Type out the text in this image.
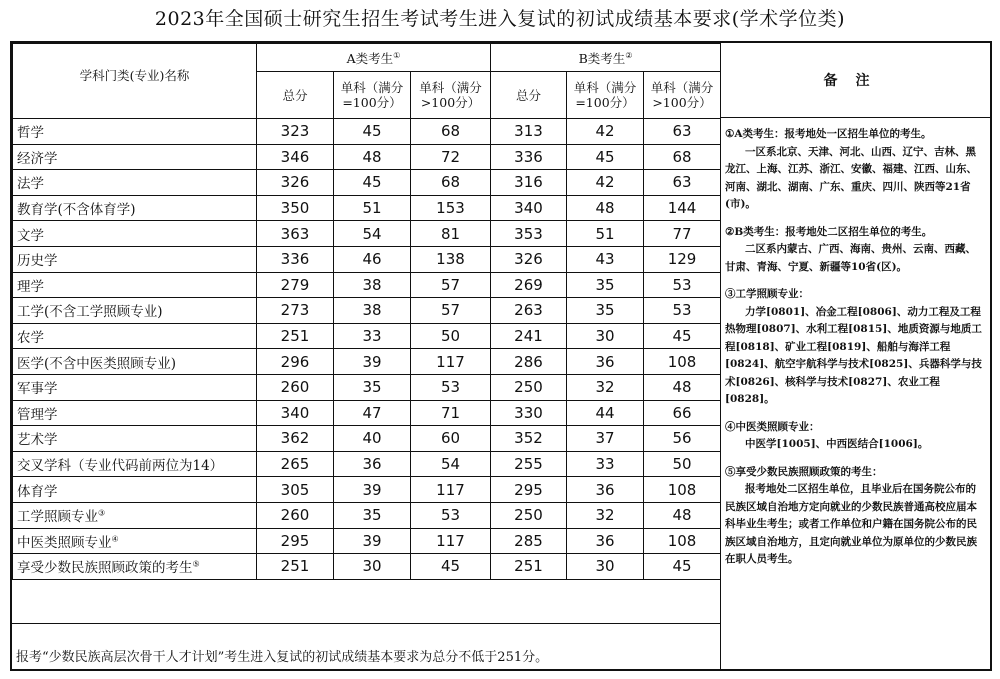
2023年全国硕士研究生招生考试考生进入复试的初试成绩基本要求(学术学位类)
学科门类(专业)名称	A类考生①			B类考生②
	总分	单科（满分=100分）	单科（满分>100分）	总分	单科（满分=100分）	单科（满分>100分）
哲学	323	45	68	313	42	63
经济学	346	48	72	336	45	68
法学	326	45	68	316	42	63
教育学(不含体育学)	350	51	153	340	48	144
文学	363	54	81	353	51	77
历史学	336	46	138	326	43	129
理学	279	38	57	269	35	53
工学(不含工学照顾专业)	273	38	57	263	35	53
农学	251	33	50	241	30	45
医学(不含中医类照顾专业)	296	39	117	286	36	108
军事学	260	35	53	250	32	48
管理学	340	47	71	330	44	66
艺术学	362	40	60	352	37	56
交叉学科（专业代码前两位为14）	265	36	54	255	33	50
体育学	305	39	117	295	36	108
工学照顾专业③	260	35	53	250	32	48
中医类照顾专业④	295	39	117	285	36	108
享受少数民族照顾政策的考生⑤	251	30	45	251	30	45
备注
①A类考生：报考地处一区招生单位的考生。
一区系北京、天津、河北、山西、辽宁、吉林、黑龙江、上海、江苏、浙江、安徽、福建、江西、山东、河南、湖北、湖南、广东、重庆、四川、陕西等21省(市)。
②B类考生：报考地处二区招生单位的考生。
二区系内蒙古、广西、海南、贵州、云南、西藏、甘肃、青海、宁夏、新疆等10省(区)。
③工学照顾专业：
力学[0801]、冶金工程[0806]、动力工程及工程热物理[0807]、水利工程[0815]、地质资源与地质工程[0818]、矿业工程[0819]、船舶与海洋工程[0824]、航空宇航科学与技术[0825]、兵器科学与技术[0826]、核科学与技术[0827]、农业工程[0828]。
④中医类照顾专业：
中医学[1005]、中西医结合[1006]。
⑤享受少数民族照顾政策的考生：
报考地处二区招生单位，且毕业后在国务院公布的民族区域自治地方定向就业的少数民族普通高校应届本科毕业生考生；或者工作单位和户籍在国务院公布的民族区域自治地方，且定向就业单位为原单位的少数民族在职人员考生。
报考“少数民族高层次骨干人才计划”考生进入复试的初试成绩基本要求为总分不低于251分。
